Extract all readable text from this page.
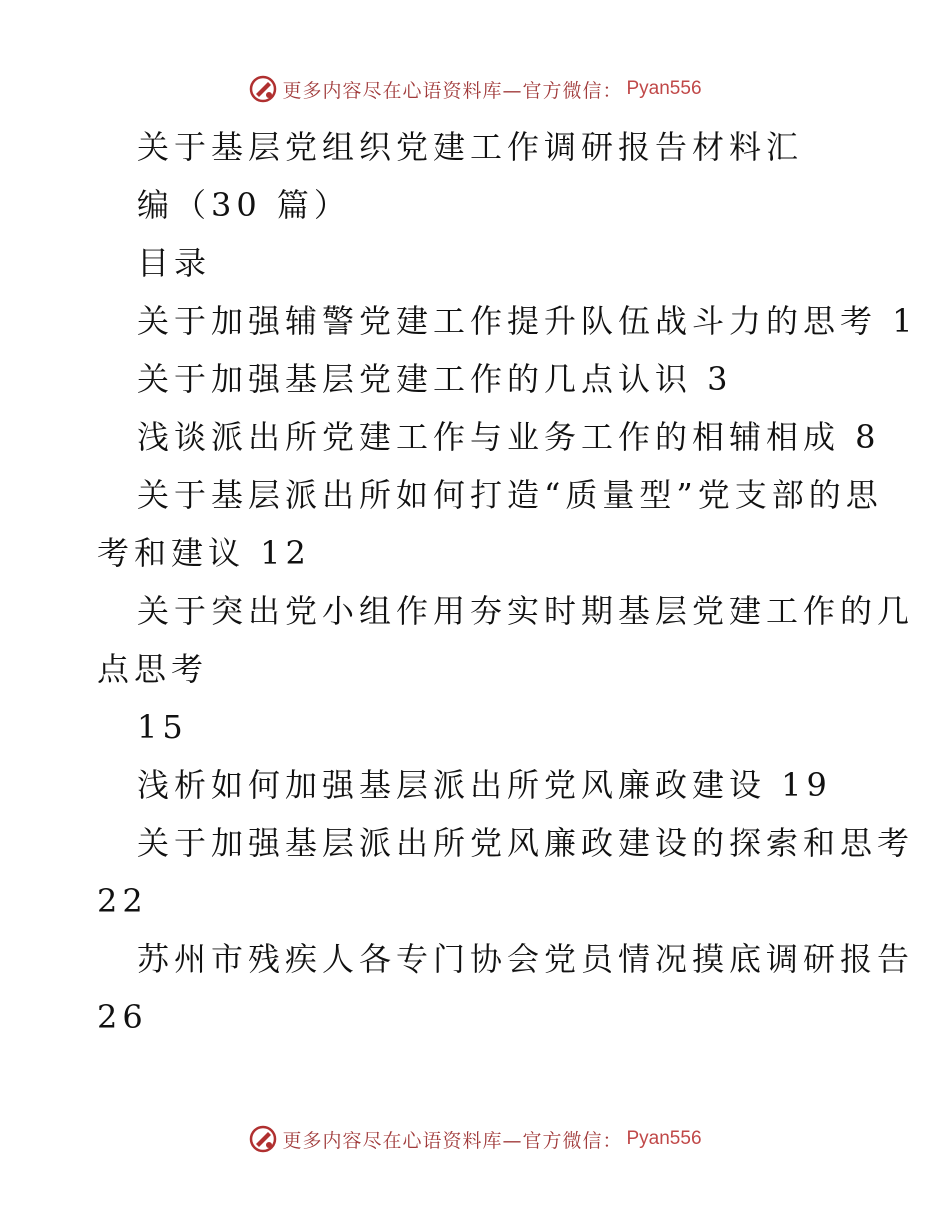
更多内容尽在心语资料库—官方微信： Pyan556

关于基层党组织党建工作调研报告材料汇

编（30 篇）

目录

关于加强辅警党建工作提升队伍战斗力的思考 1

关于加强基层党建工作的几点认识 3

浅谈派出所党建工作与业务工作的相辅相成 8

关于基层派出所如何打造“质量型”党支部的思

考和建议 12

关于突出党小组作用夯实时期基层党建工作的几

点思考

15

浅析如何加强基层派出所党风廉政建设 19

关于加强基层派出所党风廉政建设的探索和思考

22

苏州市残疾人各专门协会党员情况摸底调研报告

26

更多内容尽在心语资料库—官方微信： Pyan556
